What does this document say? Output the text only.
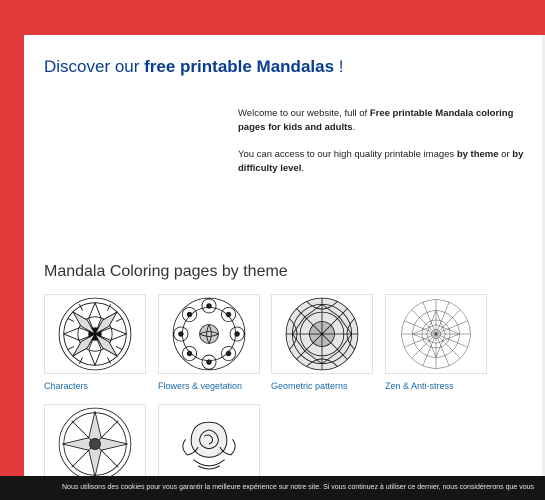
Discover our free printable Mandalas !

Welcome to our website, full of Free printable Mandala coloring pages for kids and adults.

You can access to our high quality printable images by theme or by difficulty level.

Mandala Coloring pages by theme
Characters	Flowers & vegetation	Geometric patterns	Zen & Anti-stress
Nous utilisons des cookies pour vous garantir la meilleure expérience sur notre site. Si vous continuez à utiliser ce dernier, nous considérerons que vous
